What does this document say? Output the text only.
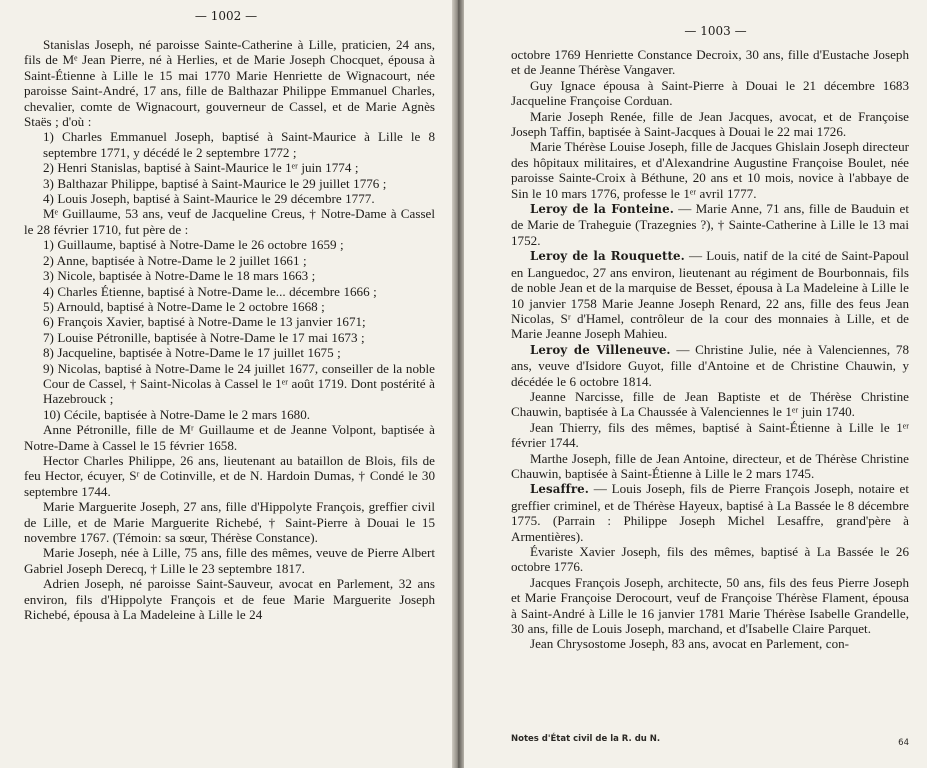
— 1002 —

Stanislas Joseph, né paroisse Sainte-Catherine à Lille, praticien, 24 ans, fils de Mᵉ Jean Pierre, né à Herlies, et de Marie Joseph Chocquet, épousa à Saint-Étienne à Lille le 15 mai 1770 Marie Henriette de Wignacourt, née paroisse Saint-André, 17 ans, fille de Balthazar Philippe Emmanuel Charles, chevalier, comte de Wignacourt, gouverneur de Cassel, et de Marie Agnès Staës ; d'où :

1) Charles Emmanuel Joseph, baptisé à Saint-Maurice à Lille le 8 septembre 1771, y décédé le 2 septembre 1772 ;

2) Henri Stanislas, baptisé à Saint-Maurice le 1ᵉʳ juin 1774 ;

3) Balthazar Philippe, baptisé à Saint-Maurice le 29 juillet 1776 ;

4) Louis Joseph, baptisé à Saint-Maurice le 29 décembre 1777.

Mᵉ Guillaume, 53 ans, veuf de Jacqueline Creus, † Notre-Dame à Cassel le 28 février 1710, fut père de :

1) Guillaume, baptisé à Notre-Dame le 26 octobre 1659 ;

2) Anne, baptisée à Notre-Dame le 2 juillet 1661 ;

3) Nicole, baptisée à Notre-Dame le 18 mars 1663 ;

4) Charles Étienne, baptisé à Notre-Dame le... décembre 1666 ;

5) Arnould, baptisé à Notre-Dame le 2 octobre 1668 ;

6) François Xavier, baptisé à Notre-Dame le 13 janvier 1671;

7) Louise Pétronille, baptisée à Notre-Dame le 17 mai 1673 ;

8) Jacqueline, baptisée à Notre-Dame le 17 juillet 1675 ;

9) Nicolas, baptisé à Notre-Dame le 24 juillet 1677, conseiller de la noble Cour de Cassel, † Saint-Nicolas à Cassel le 1ᵉʳ août 1719. Dont postérité à Hazebrouck ;

10) Cécile, baptisée à Notre-Dame le 2 mars 1680.

Anne Pétronille, fille de Mʳ Guillaume et de Jeanne Volpont, baptisée à Notre-Dame à Cassel le 15 février 1658.

Hector Charles Philippe, 26 ans, lieutenant au bataillon de Blois, fils de feu Hector, écuyer, Sʳ de Cotinville, et de N. Hardoin Dumas, † Condé le 30 septembre 1744.

Marie Marguerite Joseph, 27 ans, fille d'Hippolyte François, greffier civil de Lille, et de Marie Marguerite Richebé, † Saint-Pierre à Douai le 15 novembre 1767. (Témoin: sa sœur, Thérèse Constance).

Marie Joseph, née à Lille, 75 ans, fille des mêmes, veuve de Pierre Albert Gabriel Joseph Derecq, † Lille le 23 septembre 1817.

Adrien Joseph, né paroisse Saint-Sauveur, avocat en Parlement, 32 ans environ, fils d'Hippolyte François et de feue Marie Marguerite Joseph Richebé, épousa à La Madeleine à Lille le 24

— 1003 —

octobre 1769 Henriette Constance Decroix, 30 ans, fille d'Eustache Joseph et de Jeanne Thérèse Vangaver.

Guy Ignace épousa à Saint-Pierre à Douai le 21 décembre 1683 Jacqueline Françoise Corduan.

Marie Joseph Renée, fille de Jean Jacques, avocat, et de Françoise Joseph Taffin, baptisée à Saint-Jacques à Douai le 22 mai 1726.

Marie Thérèse Louise Joseph, fille de Jacques Ghislain Joseph directeur des hôpitaux militaires, et d'Alexandrine Augustine Françoise Boulet, née paroisse Sainte-Croix à Béthune, 20 ans et 10 mois, novice à l'abbaye de Sin le 10 mars 1776, professe le 1ᵉʳ avril 1777.

Leroy de la Fonteine. — Marie Anne, 71 ans, fille de Bauduin et de Marie de Traheguie (Trazegnies ?), † Sainte-Catherine à Lille le 13 mai 1752.

Leroy de la Rouquette. — Louis, natif de la cité de Saint-Papoul en Languedoc, 27 ans environ, lieutenant au régiment de Bourbonnais, fils de noble Jean et de la marquise de Besset, épousa à La Madeleine à Lille le 10 janvier 1758 Marie Jeanne Joseph Renard, 22 ans, fille des feus Jean Nicolas, Sʳ d'Hamel, contrôleur de la cour des monnaies à Lille, et de Marie Jeanne Joseph Mahieu.

Leroy de Villeneuve. — Christine Julie, née à Valenciennes, 78 ans, veuve d'Isidore Guyot, fille d'Antoine et de Christine Chauwin, y décédée le 6 octobre 1814.

Jeanne Narcisse, fille de Jean Baptiste et de Thérèse Christine Chauwin, baptisée à La Chaussée à Valenciennes le 1ᵉʳ juin 1740.

Jean Thierry, fils des mêmes, baptisé à Saint-Étienne à Lille le 1ᵉʳ février 1744.

Marthe Joseph, fille de Jean Antoine, directeur, et de Thérèse Christine Chauwin, baptisée à Saint-Étienne à Lille le 2 mars 1745.

Lesaffre. — Louis Joseph, fils de Pierre François Joseph, notaire et greffier criminel, et de Thérèse Hayeux, baptisé à La Bassée le 8 décembre 1775. (Parrain : Philippe Joseph Michel Lesaffre, grand'père à Armentières).

Évariste Xavier Joseph, fils des mêmes, baptisé à La Bassée le 26 octobre 1776.

Jacques François Joseph, architecte, 50 ans, fils des feus Pierre Joseph et Marie Françoise Derocourt, veuf de Françoise Thérèse Flament, épousa à Saint-André à Lille le 16 janvier 1781 Marie Thérèse Isabelle Grandelle, 30 ans, fille de Louis Joseph, marchand, et d'Isabelle Claire Parquet.

Jean Chrysostome Joseph, 83 ans, avocat en Parlement, con-

Notes d'État civil de la R. du N.	64
